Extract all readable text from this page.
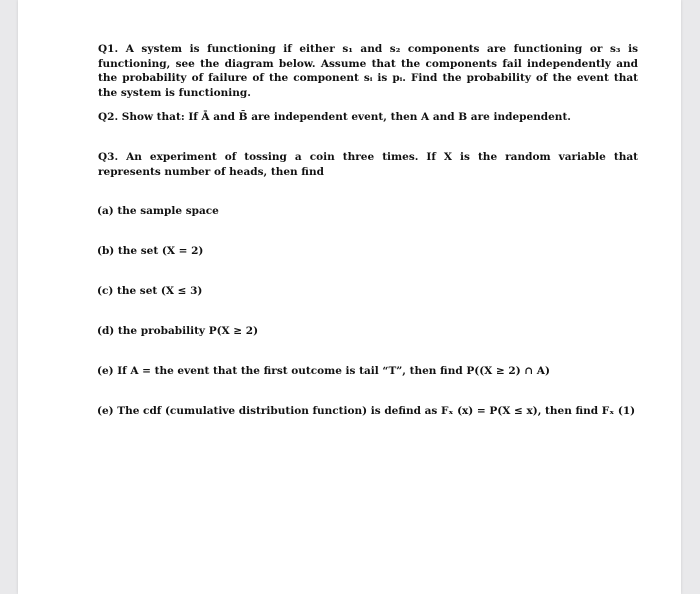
Q1. A system is functioning if either s₁ and s₂ components are functioning or s₃ is functioning, see the diagram below. Assume that the components fail independently and the probability of failure of the component sᵢ is pᵢ. Find the probability of the event that the system is functioning.
Q2. Show that: If Ā and B̄ are independent event, then A and B are independent.
Q3. An experiment of tossing a coin three times. If X is the random variable that represents number of heads, then find
(a) the sample space
(b) the set (X = 2)
(c) the set (X ≤ 3)
(d) the probability P(X ≥ 2)
(e) If A = the event that the first outcome is tail “T”, then find P((X ≥ 2) ∩ A)
(e) The cdf (cumulative distribution function) is defind as Fₓ (x) = P(X ≤ x), then find Fₓ (1)
